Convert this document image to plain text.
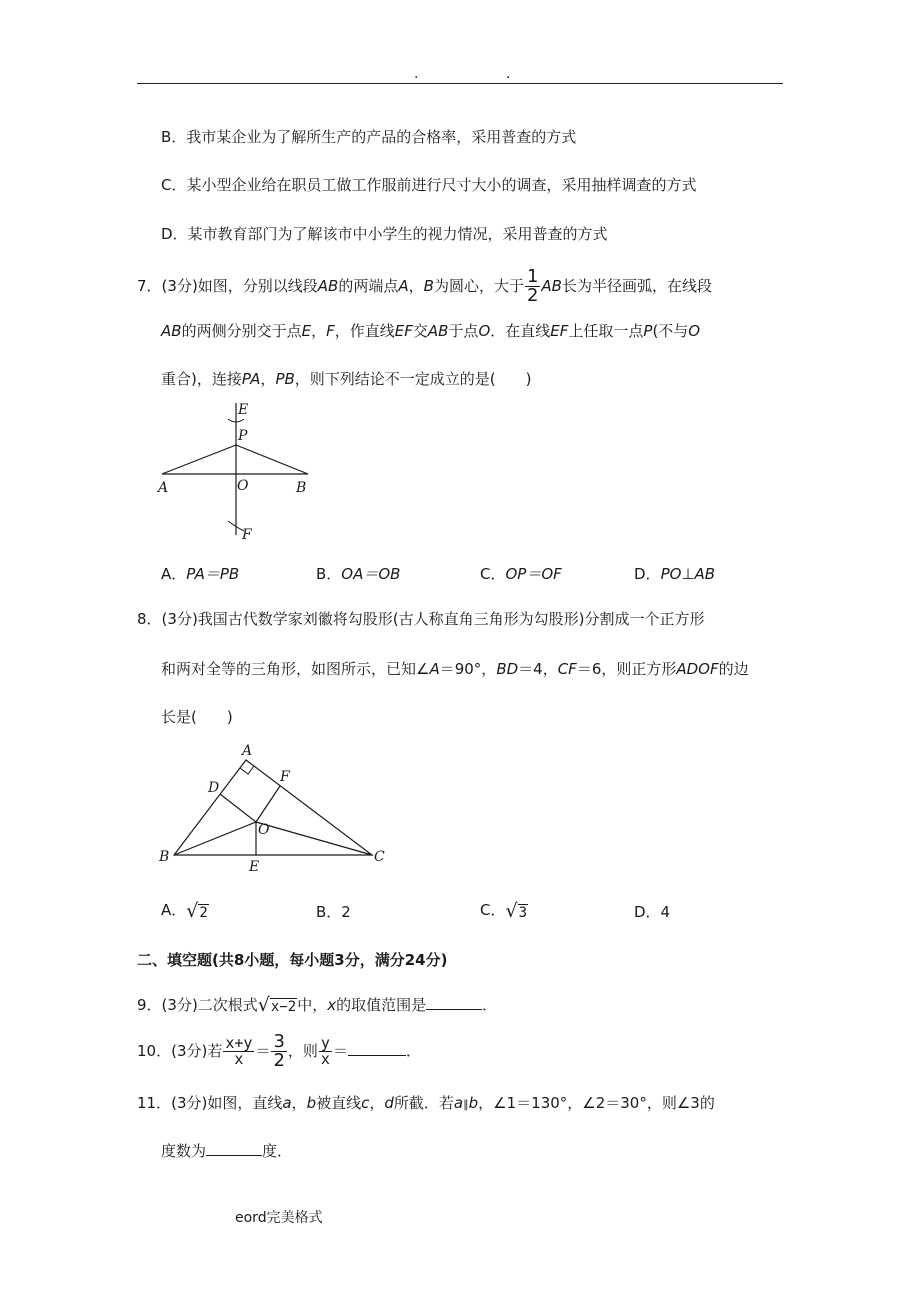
.	.
B．我市某企业为了解所生产的产品的合格率，采用普查的方式
C．某小型企业给在职员工做工作服前进行尺寸大小的调查，采用抽样调查的方式
D．某市教育部门为了解该市中小学生的视力情况，采用普查的方式
7．(3分)如图，分别以线段AB的两端点A，B为圆心，大于 $\frac{1}{2}$ AB长为半径画弧，在线段
AB的两侧分别交于点E，F，作直线EF交AB于点O．在直线EF上任取一点P(不与O
重合)，连接PA，PB，则下列结论不一定成立的是(　　)
E
P
A	O	B
F
A．PA＝PB	B．OA＝OB	C．OP＝OF	D．PO⊥AB
8．(3分)我国古代数学家刘徽将勾股形(古人称直角三角形为勾股形)分割成一个正方形
和两对全等的三角形，如图所示，已知∠A＝90°，BD＝4，CF＝6，则正方形ADOF的边
长是(　　)
A
D
F
O
B
E
C
A．√2	B．2	C．√3	D．4
二、填空题(共8小题，每小题3分，满分24分)
9．(3分)二次根式√x−2中，x的取值范围是	．
10．(3分)若 $\frac{x+y}{x} = \frac{3}{2}$ ，则 $\frac{y}{x}$ ＝	．
11．(3分)如图，直线a，b被直线c，d所截．若a∥b，∠1＝130°，∠2＝30°，则∠3的
度数为	度．
eord完美格式
